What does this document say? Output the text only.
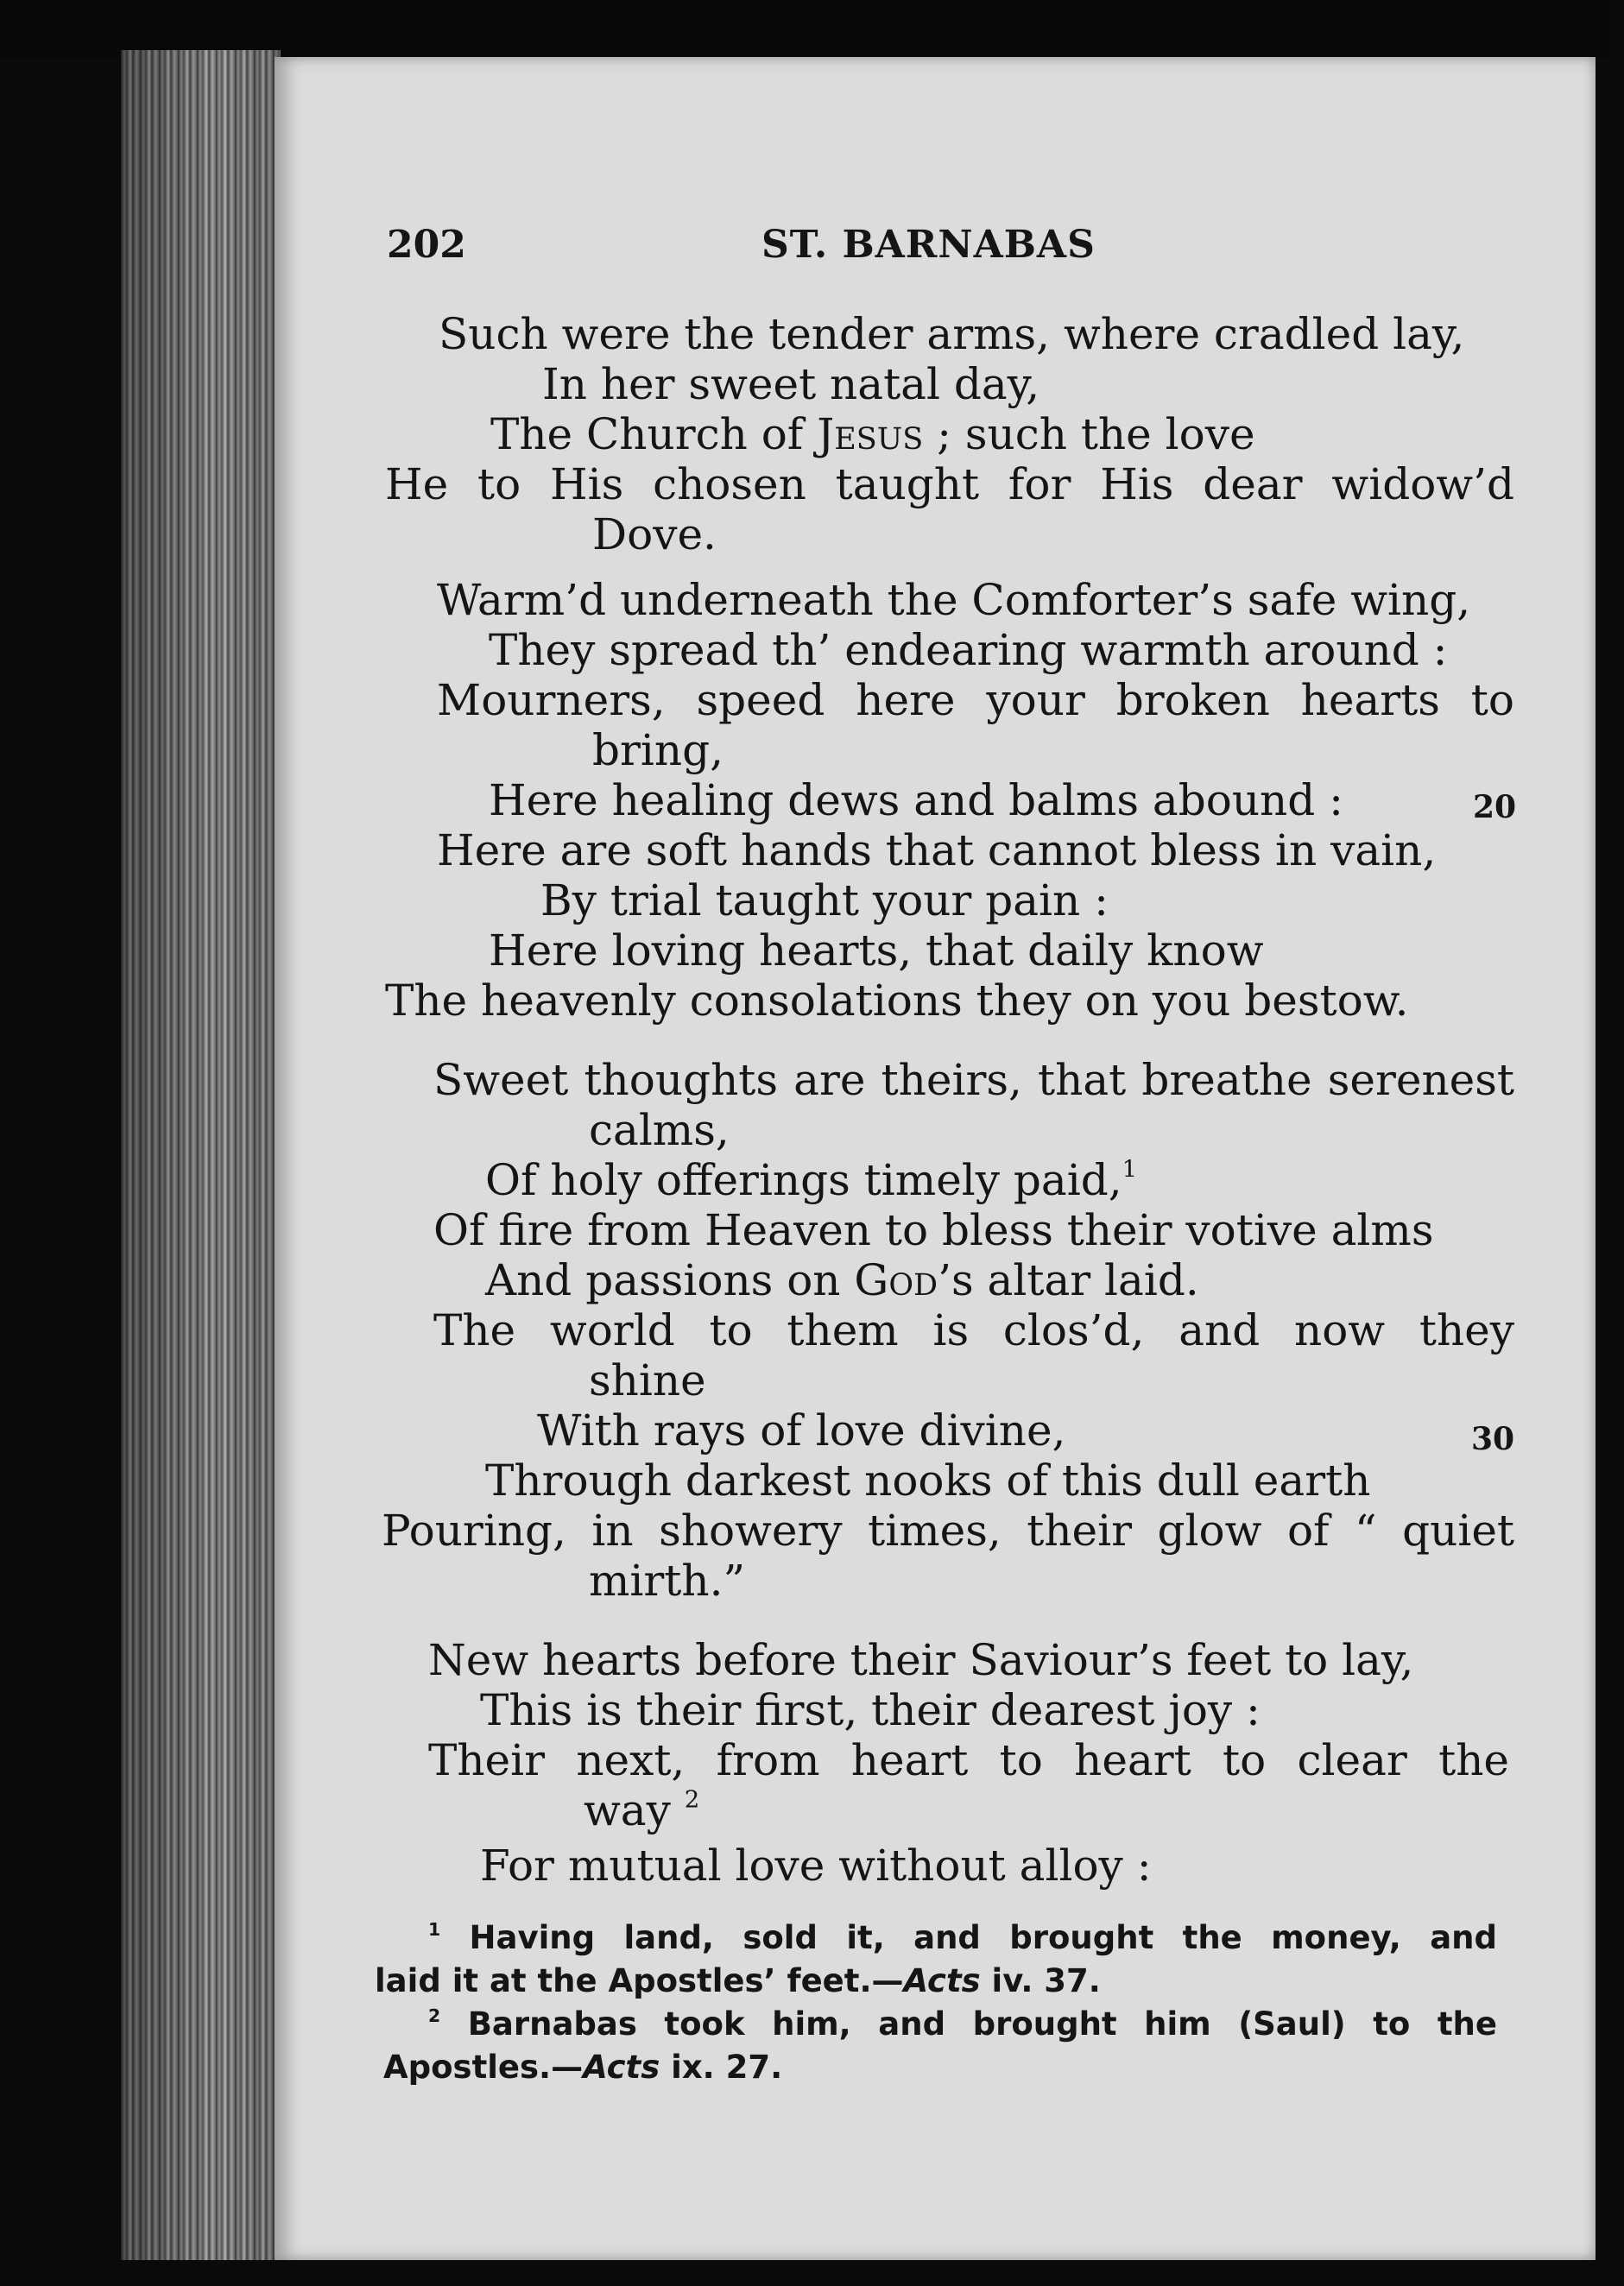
202	ST. BARNABAS
Such were the tender arms, where cradled lay,
In her sweet natal day,
The Church of Jesus ; such the love
He to His chosen taught for His dear widow’d
Dove.
Warm’d underneath the Comforter’s safe wing,
They spread th’ endearing warmth around :
Mourners, speed here your broken hearts to
bring,
Here healing dews and balms abound :	20
Here are soft hands that cannot bless in vain,
By trial taught your pain :
Here loving hearts, that daily know
The heavenly consolations they on you bestow.
Sweet thoughts are theirs, that breathe serenest
calms,
Of holy offerings timely paid,$^1$
Of fire from Heaven to bless their votive alms
And passions on God’s altar laid.
The world to them is clos’d, and now they
shine
With rays of love divine,	30
Through darkest nooks of this dull earth
Pouring, in showery times, their glow of “ quiet
mirth.”
New hearts before their Saviour’s feet to lay,
This is their first, their dearest joy :
Their next, from heart to heart to clear the
way $^2$
For mutual love without alloy :
$^1$ Having land, sold it, and brought the money, and
laid it at the Apostles’ feet.—Acts iv. 37.
$^2$ Barnabas took him, and brought him (Saul) to the
Apostles.—Acts ix. 27.
